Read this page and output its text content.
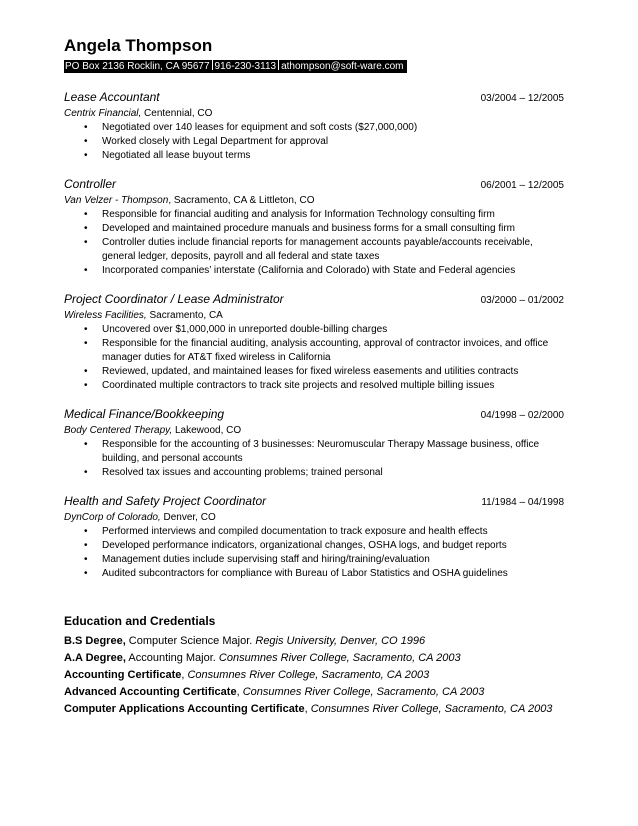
Angela Thompson
PO Box 2136 Rocklin, CA 95677 916-230-3113 athompson@soft-ware.com
Lease Accountant	03/2004 – 12/2005
Centrix Financial, Centennial, CO
• Negotiated over 140 leases for equipment and soft costs ($27,000,000)
• Worked closely with Legal Department for approval
• Negotiated all lease buyout terms
Controller	06/2001 – 12/2005
Van Velzer - Thompson, Sacramento, CA & Littleton, CO
• Responsible for financial auditing and analysis for Information Technology consulting firm
• Developed and maintained procedure manuals and business forms for a small consulting firm
• Controller duties include financial reports for management accounts payable/accounts receivable, general ledger, deposits, payroll and all federal and state taxes
• Incorporated companies’ interstate (California and Colorado) with State and Federal agencies
Project Coordinator / Lease Administrator	03/2000 – 01/2002
Wireless Facilities, Sacramento, CA
• Uncovered over $1,000,000 in unreported double-billing charges
• Responsible for the financial auditing, analysis accounting, approval of contractor invoices, and office manager duties for AT&T fixed wireless in California
• Reviewed, updated, and maintained leases for fixed wireless easements and utilities contracts
• Coordinated multiple contractors to track site projects and resolved multiple billing issues
Medical Finance/Bookkeeping	04/1998 – 02/2000
Body Centered Therapy, Lakewood, CO
• Responsible for the accounting of 3 businesses: Neuromuscular Therapy Massage business, office building, and personal accounts
• Resolved tax issues and accounting problems; trained personal
Health and Safety Project Coordinator	11/1984 – 04/1998
DynCorp of Colorado, Denver, CO
• Performed interviews and compiled documentation to track exposure and health effects
• Developed performance indicators, organizational changes, OSHA logs, and budget reports
• Management duties include supervising staff and hiring/training/evaluation
• Audited subcontractors for compliance with Bureau of Labor Statistics and OSHA guidelines
Education and Credentials
B.S Degree, Computer Science Major. Regis University, Denver, CO 1996
A.A Degree, Accounting Major. Consumnes River College, Sacramento, CA 2003
Accounting Certificate, Consumnes River College, Sacramento, CA 2003
Advanced Accounting Certificate, Consumnes River College, Sacramento, CA 2003
Computer Applications Accounting Certificate, Consumnes River College, Sacramento, CA 2003
